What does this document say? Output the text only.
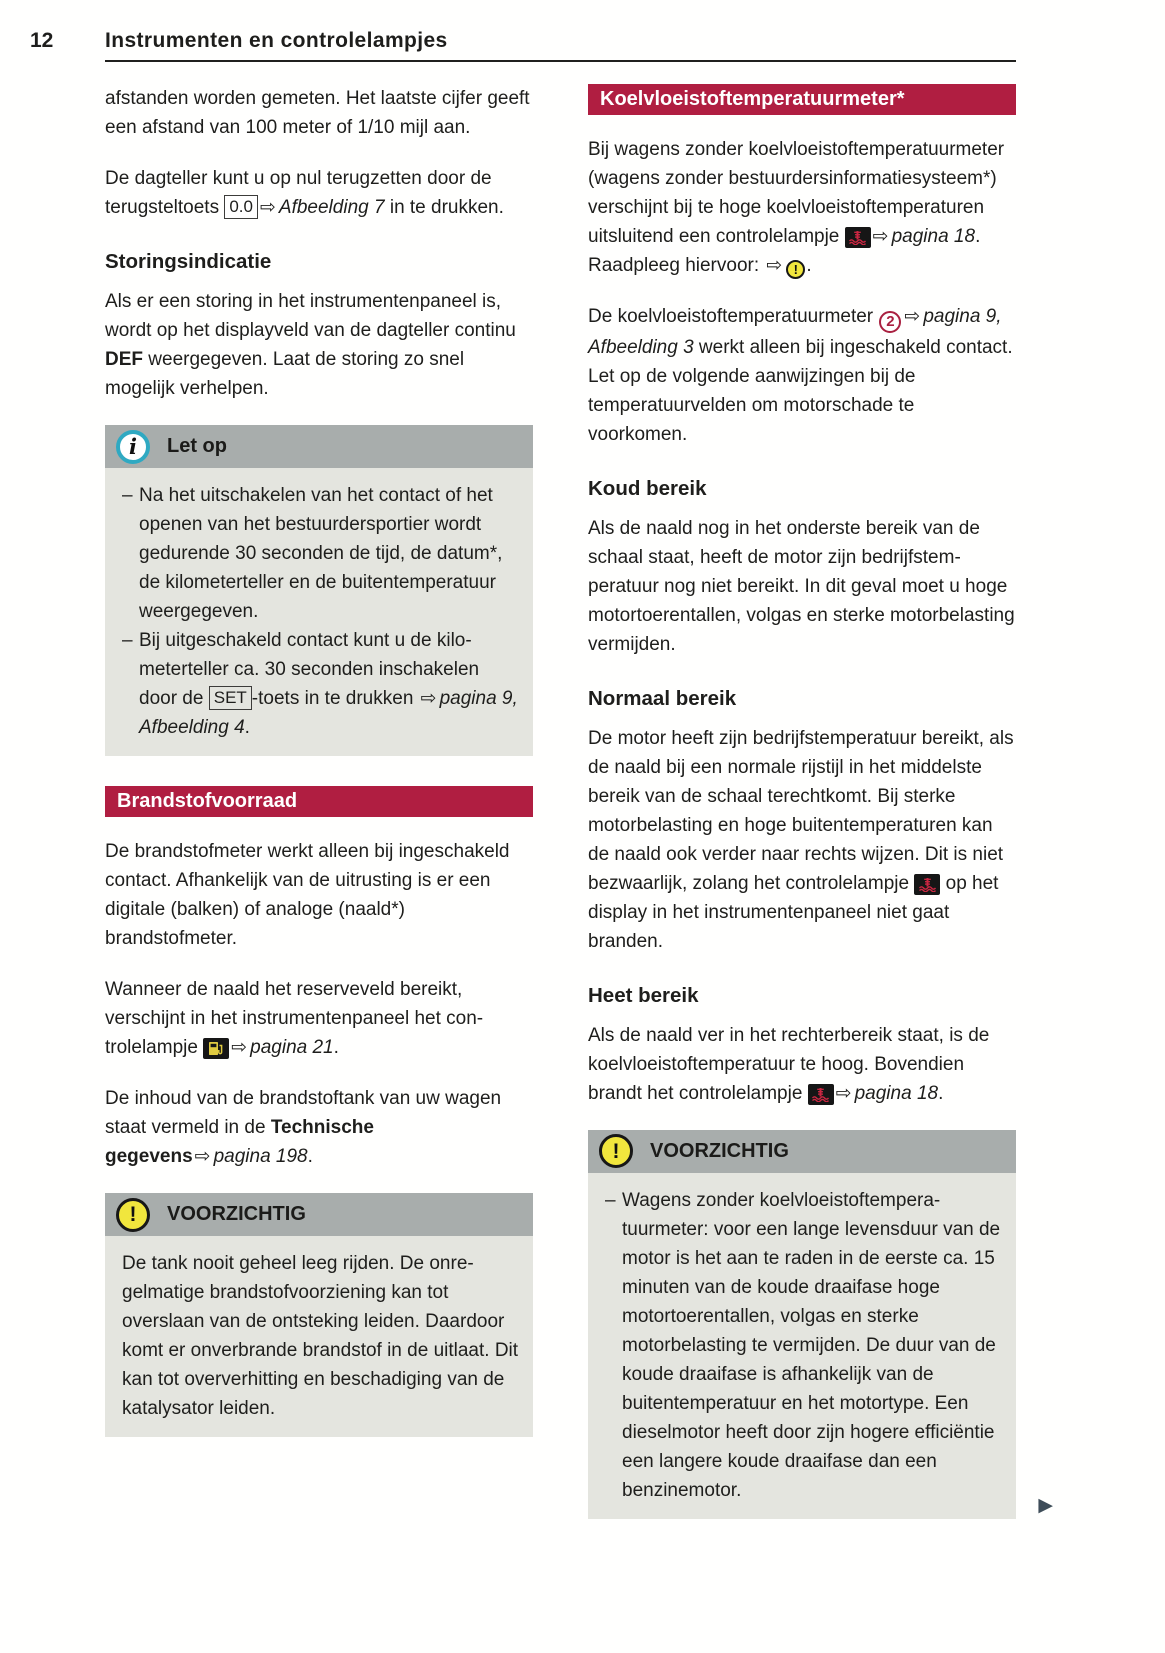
12 Instrumenten en controlelampjes

afstanden worden gemeten. Het laatste cijfer geeft een afstand van 100 meter of 1/10 mijl aan.

De dagteller kunt u op nul terugzetten door de terugsteltoets 0.0 ⇨ Afbeelding 7 in te drukken.

Storingsindicatie

Als er een storing in het instrumentenpaneel is, wordt op het displayveld van de dagteller continu DEF weergegeven. Laat de storing zo snel mogelijk verhelpen.

i	Let op
– Na het uitschakelen van het contact of het openen van het bestuurdersportier wordt gedurende 30 seconden de tijd, de datum*, de kilometerteller en de buitentemperatuur weergegeven.
– Bij uitgeschakeld contact kunt u de kilometerteller ca. 30 seconden inschakelen door de SET -toets in te drukken ⇨ pagina 9, Afbeelding 4.
Brandstofvoorraad

De brandstofmeter werkt alleen bij ingeschakeld contact. Afhankelijk van de uitrusting is er een digitale (balken) of analoge (naald*) brandstofmeter.

Wanneer de naald het reserveveld bereikt, verschijnt in het instrumentenpaneel het controlelampje
⇨ pagina 21.

De inhoud van de brandstoftank van uw wagen staat vermeld in de Technische gegevens ⇨ pagina 198.

!	VOORZICHTIG
De tank nooit geheel leeg rijden. De onregelmatige brandstofvoorziening kan tot overslaan van de ontsteking leiden. Daardoor komt er onverbrande brandstof in de uitlaat. Dit kan tot oververhitting en beschadiging van de katalysator leiden.
Koelvloeistoftemperatuurmeter*

Bij wagens zonder koelvloeistoftemperatuurmeter (wagens zonder bestuurdersinformatiesysteem*) verschijnt bij te hoge koelvloeistoftemperaturen uitsluitend een controlelampje
⇨ pagina 18. Raadpleeg hiervoor: ⇨ ! .

De koelvloeistoftemperatuurmeter 2 ⇨ pagina 9, Afbeelding 3 werkt alleen bij ingeschakeld contact. Let op de volgende aanwijzingen bij de temperatuurvelden om motorschade te voorkomen.

Koud bereik

Als de naald nog in het onderste bereik van de schaal staat, heeft de motor zijn bedrijfstemperatuur nog niet bereikt. In dit geval moet u hoge motortoerentallen, volgas en sterke motorbelasting vermijden.

Normaal bereik

De motor heeft zijn bedrijfstemperatuur bereikt, als de naald bij een normale rijstijl in het middelste bereik van de schaal terechtkomt. Bij sterke motorbelasting en hoge buitentemperaturen kan de naald ook verder naar rechts wijzen. Dit is niet bezwaarlijk, zolang het controlelampje
op het display in het instrumentenpaneel niet gaat branden.

Heet bereik

Als de naald ver in het rechterbereik staat, is de koelvloeistoftemperatuur te hoog. Bovendien brandt het controlelampje
⇨ pagina 18.

!	VOORZICHTIG
– Wagens zonder koelvloeistoftemperatuurmeter: voor een lange levensduur van de motor is het aan te raden in de eerste ca. 15 minuten van de koude draaifase hoge motortoerentallen, volgas en sterke motorbelasting te vermijden. De duur van de koude draaifase is afhankelijk van de buitentemperatuur en het motortype. Een dieselmotor heeft door zijn hogere efficiëntie een langere koude draaifase dan een benzinemotor.
▶
